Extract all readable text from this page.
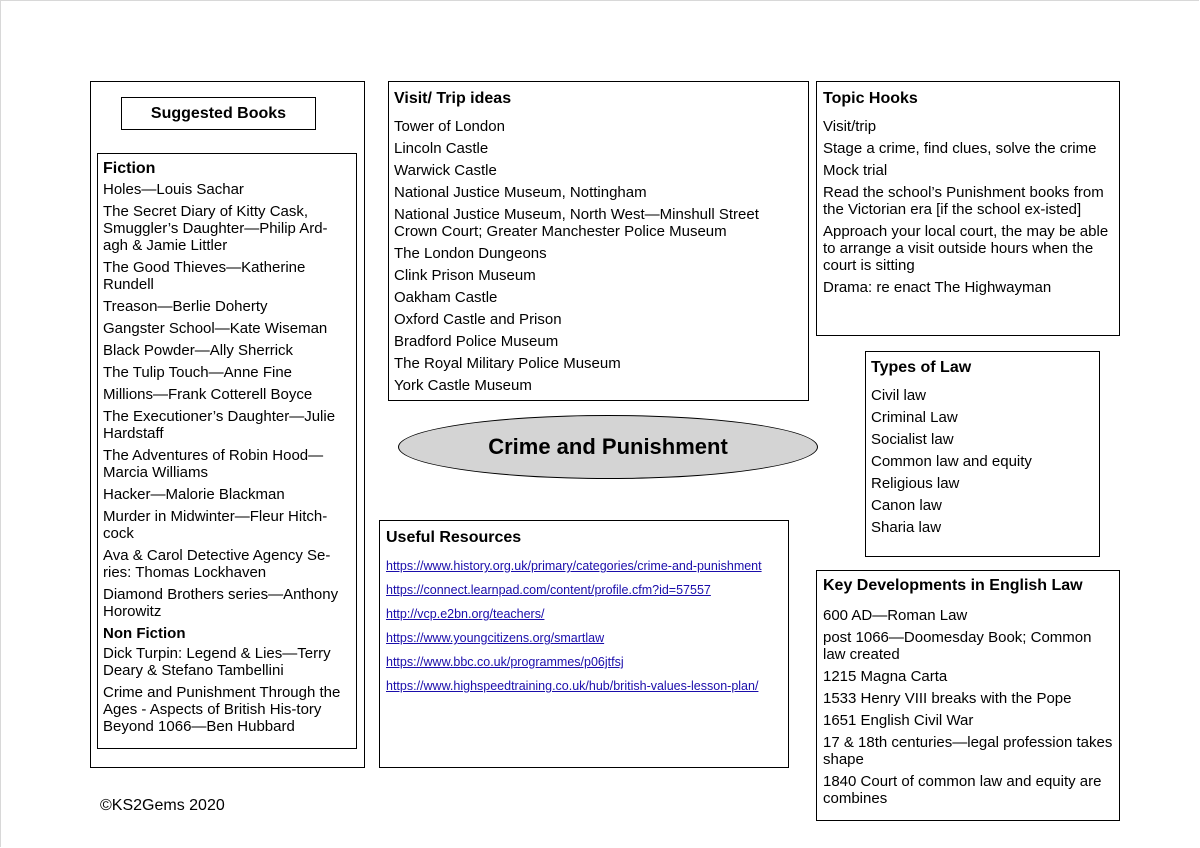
Suggested Books
Fiction
Holes—Louis Sachar
The Secret Diary of Kitty Cask, Smuggler’s Daughter—Philip Ard-agh & Jamie Littler
The Good Thieves—Katherine Rundell
Treason—Berlie Doherty
Gangster School—Kate Wiseman
Black Powder—Ally Sherrick
The Tulip Touch—Anne Fine
Millions—Frank Cotterell Boyce
The Executioner’s Daughter—Julie Hardstaff
The Adventures of Robin Hood—Marcia Williams
Hacker—Malorie Blackman
Murder in Midwinter—Fleur Hitch-cock
Ava & Carol Detective Agency Se-ries: Thomas Lockhaven
Diamond Brothers series—Anthony Horowitz
Non Fiction
Dick Turpin: Legend & Lies—Terry Deary & Stefano Tambellini
Crime and Punishment Through the Ages - Aspects of British His-tory Beyond 1066—Ben Hubbard
Visit/ Trip ideas
Tower of London
Lincoln Castle
Warwick Castle
National Justice Museum, Nottingham
National Justice Museum, North West—Minshull Street Crown Court; Greater Manchester Police Museum
The London Dungeons
Clink Prison Museum
Oakham Castle
Oxford Castle and Prison
Bradford Police Museum
The Royal Military Police Museum
York Castle Museum
Topic Hooks
Visit/trip
Stage a crime, find clues, solve the crime
Mock trial
Read the school’s Punishment books from the Victorian era [if the school ex-isted]
Approach your local court, the may be able to arrange a visit outside hours when the court is sitting
Drama: re enact The Highwayman
Crime and Punishment
Types of Law
Civil law
Criminal Law
Socialist law
Common law and equity
Religious law
Canon law
Sharia law
Useful Resources
https://www.history.org.uk/primary/categories/crime-and-punishment
https://connect.learnpad.com/content/profile.cfm?id=57557
http://vcp.e2bn.org/teachers/
https://www.youngcitizens.org/smartlaw
https://www.bbc.co.uk/programmes/p06jtfsj
https://www.highspeedtraining.co.uk/hub/british-values-lesson-plan/
Key Developments in English Law
600 AD—Roman Law
post 1066—Doomesday Book; Common law created
1215 Magna Carta
1533 Henry VIII breaks with the Pope
1651 English Civil War
17 & 18th centuries—legal profession takes shape
1840 Court of common law and equity are combines
©KS2Gems 2020
